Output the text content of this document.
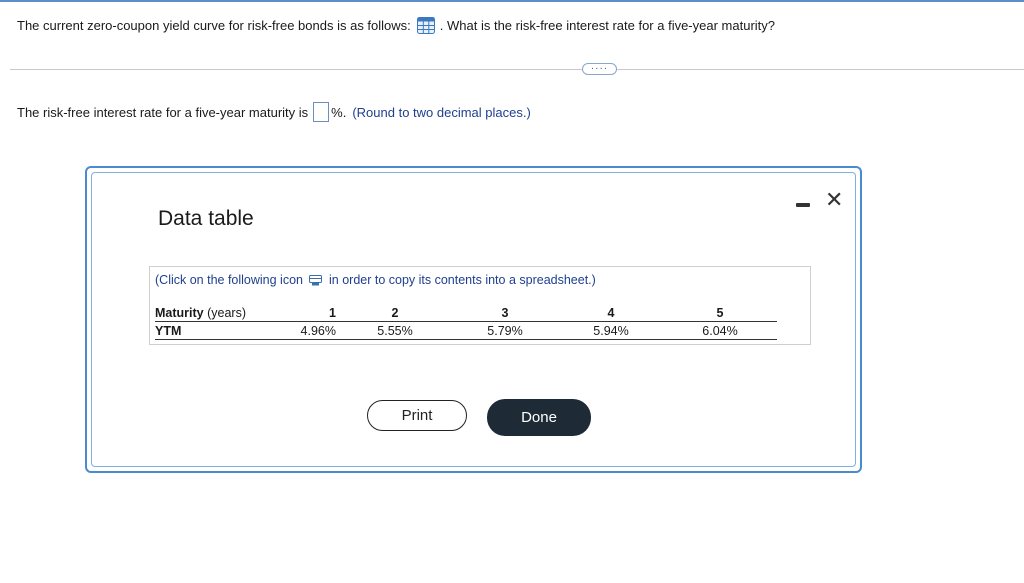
The current zero-coupon yield curve for risk-free bonds is as follows: . What is the risk-free interest rate for a five-year maturity?
····
The risk-free interest rate for a five-year maturity is %. (Round to two decimal places.)
Data table
✕
(Click on the following icon in order to copy its contents into a spreadsheet.)
Maturity (years)	1	2	3	4	5
YTM	4.96%	5.55%	5.79%	5.94%	6.04%
Print	Done
